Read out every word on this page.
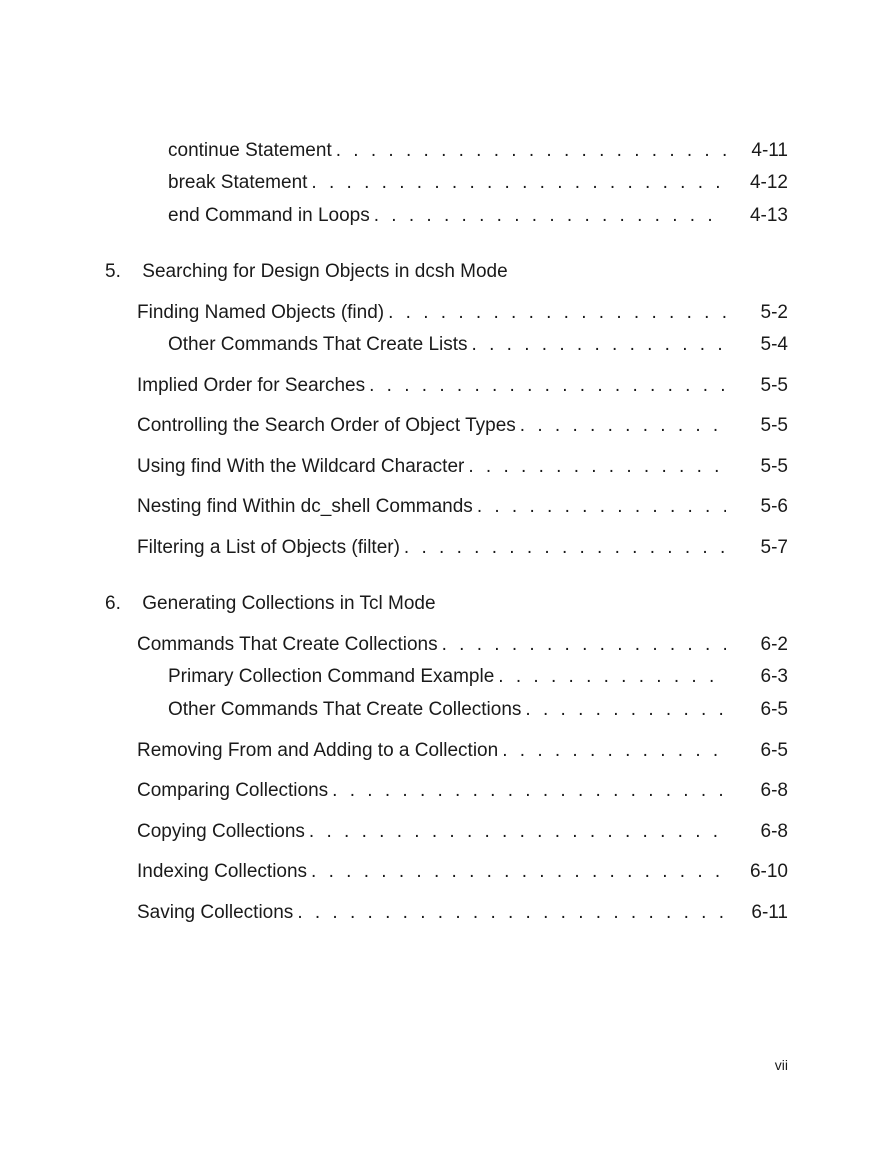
continue Statement . . .	4-11
break Statement . . .	4-12
end Command in Loops . . .	4-13
5. Searching for Design Objects in dcsh Mode
Finding Named Objects (find) . . .	5-2
Other Commands That Create Lists . . .	5-4
Implied Order for Searches . . .	5-5
Controlling the Search Order of Object Types . . .	5-5
Using find With the Wildcard Character . . .	5-5
Nesting find Within dc_shell Commands . . .	5-6
Filtering a List of Objects (filter) . . .	5-7
6. Generating Collections in Tcl Mode
Commands That Create Collections . . .	6-2
Primary Collection Command Example . . .	6-3
Other Commands That Create Collections . . .	6-5
Removing From and Adding to a Collection . . .	6-5
Comparing Collections . . .	6-8
Copying Collections . . .	6-8
Indexing Collections . . .	6-10
Saving Collections . . .	6-11
vii
